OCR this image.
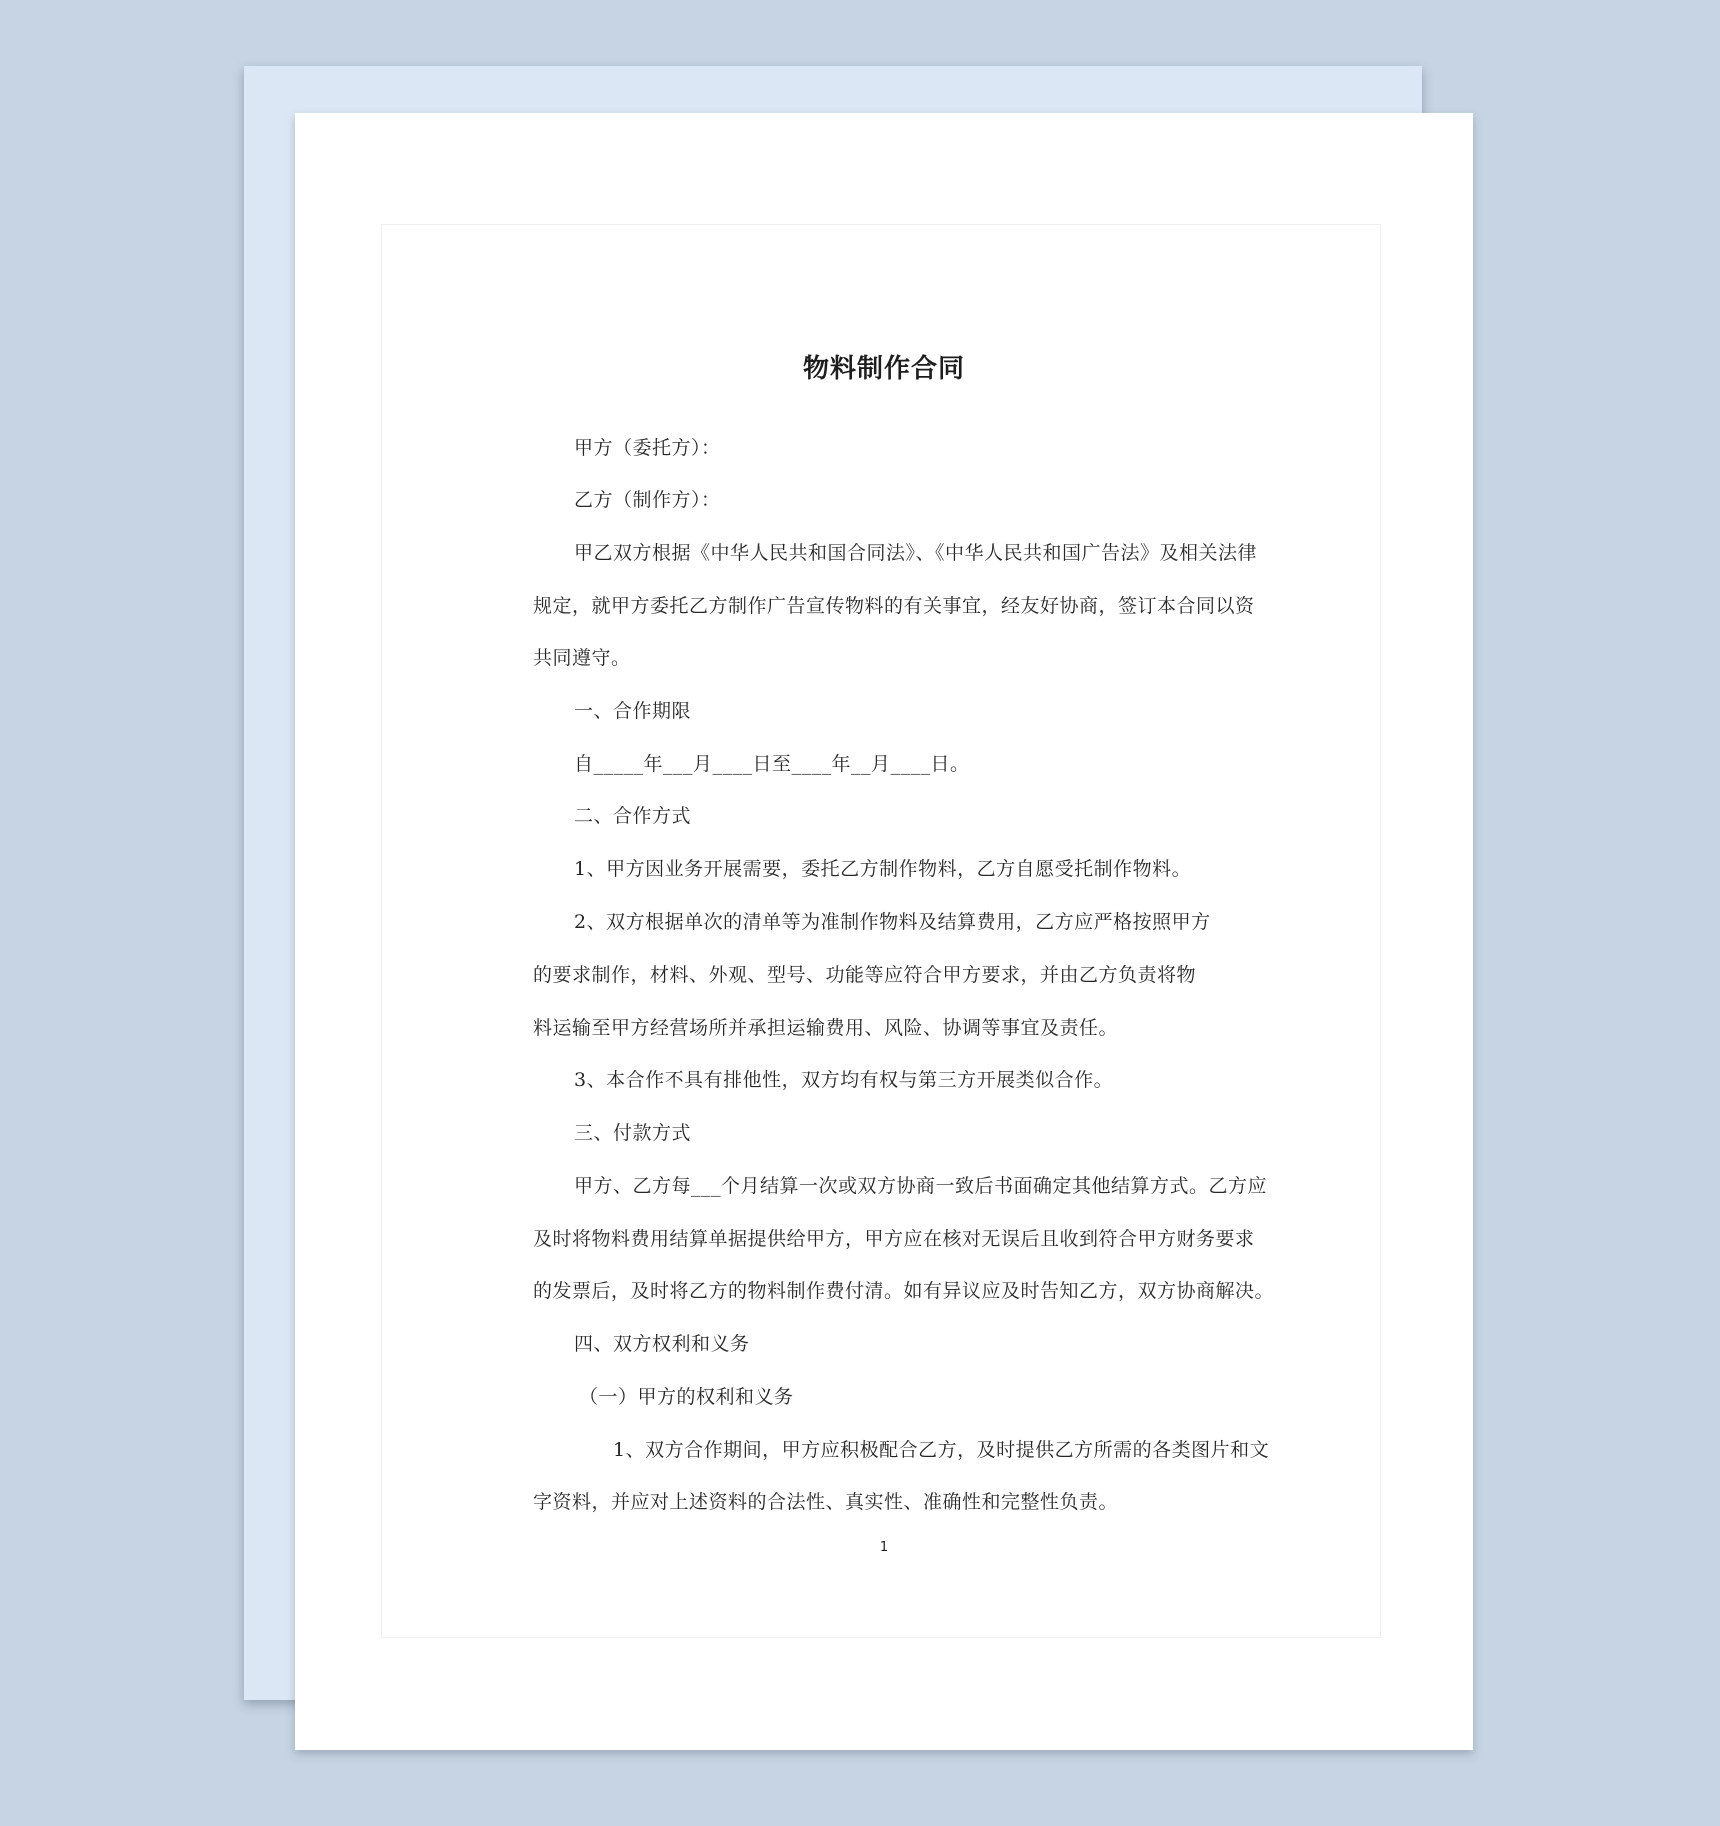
物料制作合同
甲方（委托方）：
乙方（制作方）：
甲乙双方根据《中华人民共和国合同法》、《中华人民共和国广告法》及相关法律
规定，就甲方委托乙方制作广告宣传物料的有关事宜，经友好协商，签订本合同以资
共同遵守。
一、合作期限
自_____年___月____日至____年__月____日。
二、合作方式
1、甲方因业务开展需要，委托乙方制作物料，乙方自愿受托制作物料。
2、双方根据单次的清单等为准制作物料及结算费用，乙方应严格按照甲方
的要求制作，材料、外观、型号、功能等应符合甲方要求，并由乙方负责将物
料运输至甲方经营场所并承担运输费用、风险、协调等事宜及责任。
3、本合作不具有排他性，双方均有权与第三方开展类似合作。
三、付款方式
甲方、乙方每___个月结算一次或双方协商一致后书面确定其他结算方式。乙方应
及时将物料费用结算单据提供给甲方，甲方应在核对无误后且收到符合甲方财务要求
的发票后，及时将乙方的物料制作费付清。如有异议应及时告知乙方，双方协商解决。
四、双方权利和义务
（一）甲方的权利和义务
1、双方合作期间，甲方应积极配合乙方，及时提供乙方所需的各类图片和文
字资料，并应对上述资料的合法性、真实性、准确性和完整性负责。
1
